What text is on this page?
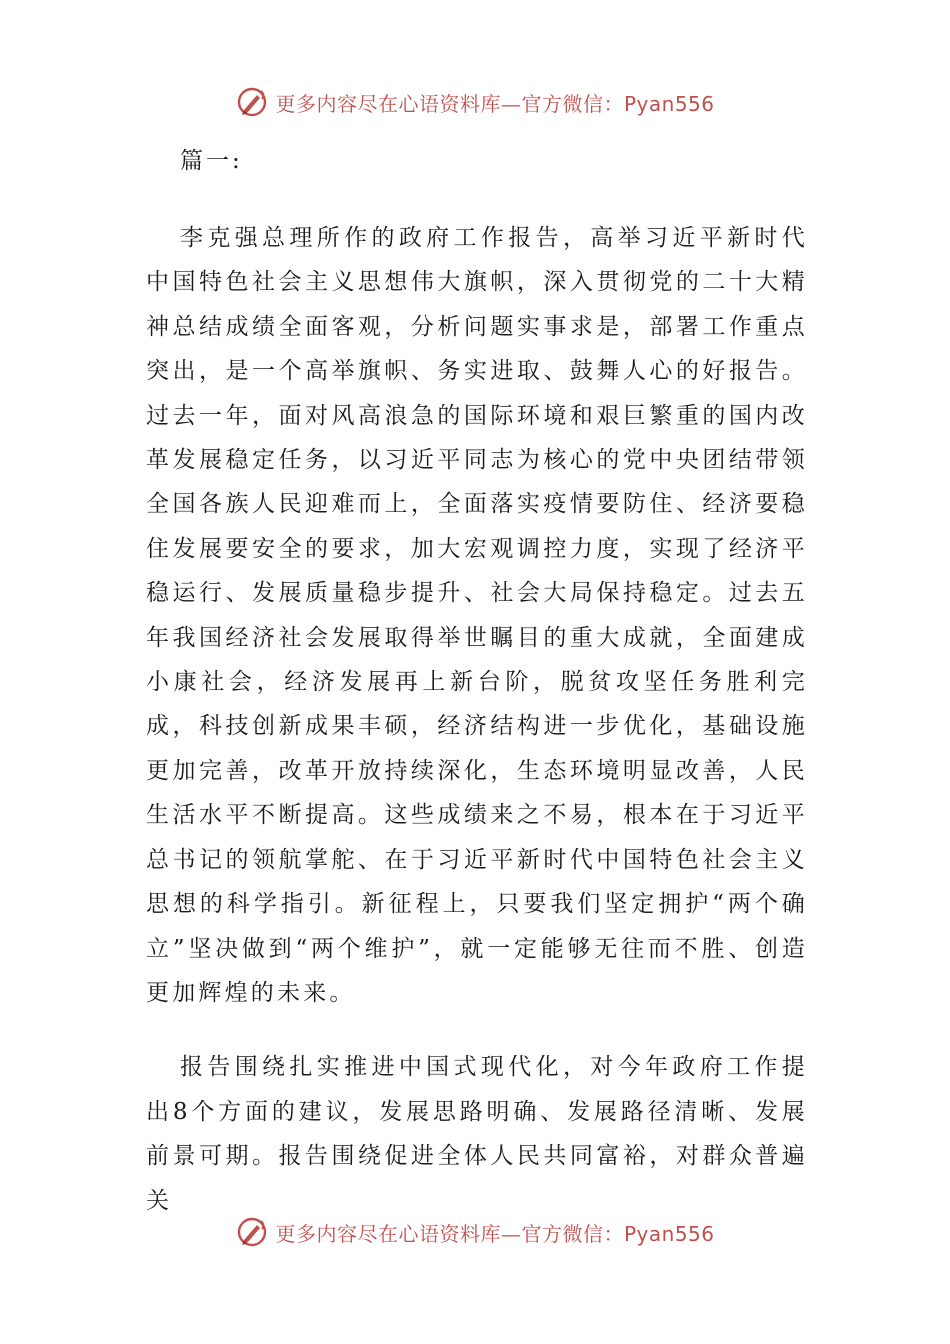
更多内容尽在心语资料库—官方微信：Pyan556

篇一:

李克强总理所作的政府工作报告，高举习近平新时代中国特色社会主义思想伟大旗帜，深入贯彻党的二十大精神总结成绩全面客观，分析问题实事求是，部署工作重点突出，是一个高举旗帜、务实进取、鼓舞人心的好报告。过去一年，面对风高浪急的国际环境和艰巨繁重的国内改革发展稳定任务，以习近平同志为核心的党中央团结带领全国各族人民迎难而上，全面落实疫情要防住、经济要稳住发展要安全的要求，加大宏观调控力度，实现了经济平稳运行、发展质量稳步提升、社会大局保持稳定。过去五年我国经济社会发展取得举世瞩目的重大成就，全面建成小康社会，经济发展再上新台阶，脱贫攻坚任务胜利完成，科技创新成果丰硕，经济结构进一步优化，基础设施更加完善，改革开放持续深化，生态环境明显改善，人民生活水平不断提高。这些成绩来之不易，根本在于习近平总书记的领航掌舵、在于习近平新时代中国特色社会主义思想的科学指引。新征程上，只要我们坚定拥护“两个确立”坚决做到“两个维护”，就一定能够无往而不胜、创造更加辉煌的未来。

报告围绕扎实推进中国式现代化，对今年政府工作提出8个方面的建议，发展思路明确、发展路径清晰、发展前景可期。报告围绕促进全体人民共同富裕，对群众普遍关

更多内容尽在心语资料库—官方微信：Pyan556
